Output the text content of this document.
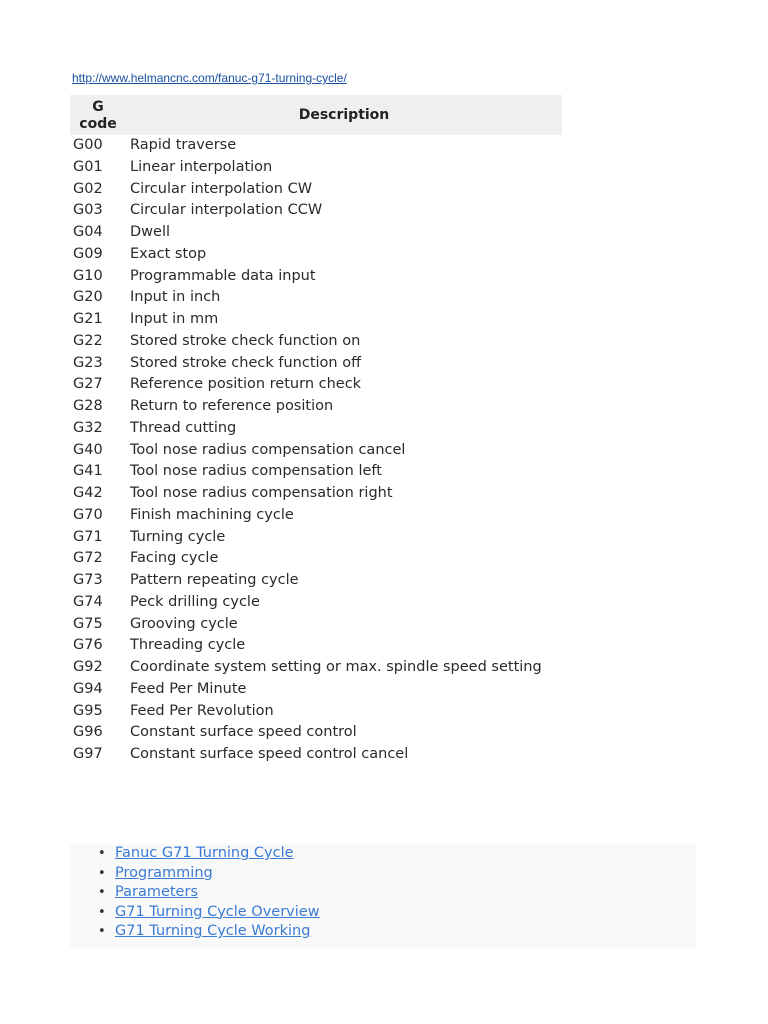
http://www.helmancnc.com/fanuc-g71-turning-cycle/
G
code	Description
G00	Rapid traverse
G01	Linear interpolation
G02	Circular interpolation CW
G03	Circular interpolation CCW
G04	Dwell
G09	Exact stop
G10	Programmable data input
G20	Input in inch
G21	Input in mm
G22	Stored stroke check function on
G23	Stored stroke check function off
G27	Reference position return check
G28	Return to reference position
G32	Thread cutting
G40	Tool nose radius compensation cancel
G41	Tool nose radius compensation left
G42	Tool nose radius compensation right
G70	Finish machining cycle
G71	Turning cycle
G72	Facing cycle
G73	Pattern repeating cycle
G74	Peck drilling cycle
G75	Grooving cycle
G76	Threading cycle
G92	Coordinate system setting or max. spindle speed setting
G94	Feed Per Minute
G95	Feed Per Revolution
G96	Constant surface speed control
G97	Constant surface speed control cancel
• Fanuc G71 Turning Cycle
• Programming
• Parameters
• G71 Turning Cycle Overview
• G71 Turning Cycle Working
